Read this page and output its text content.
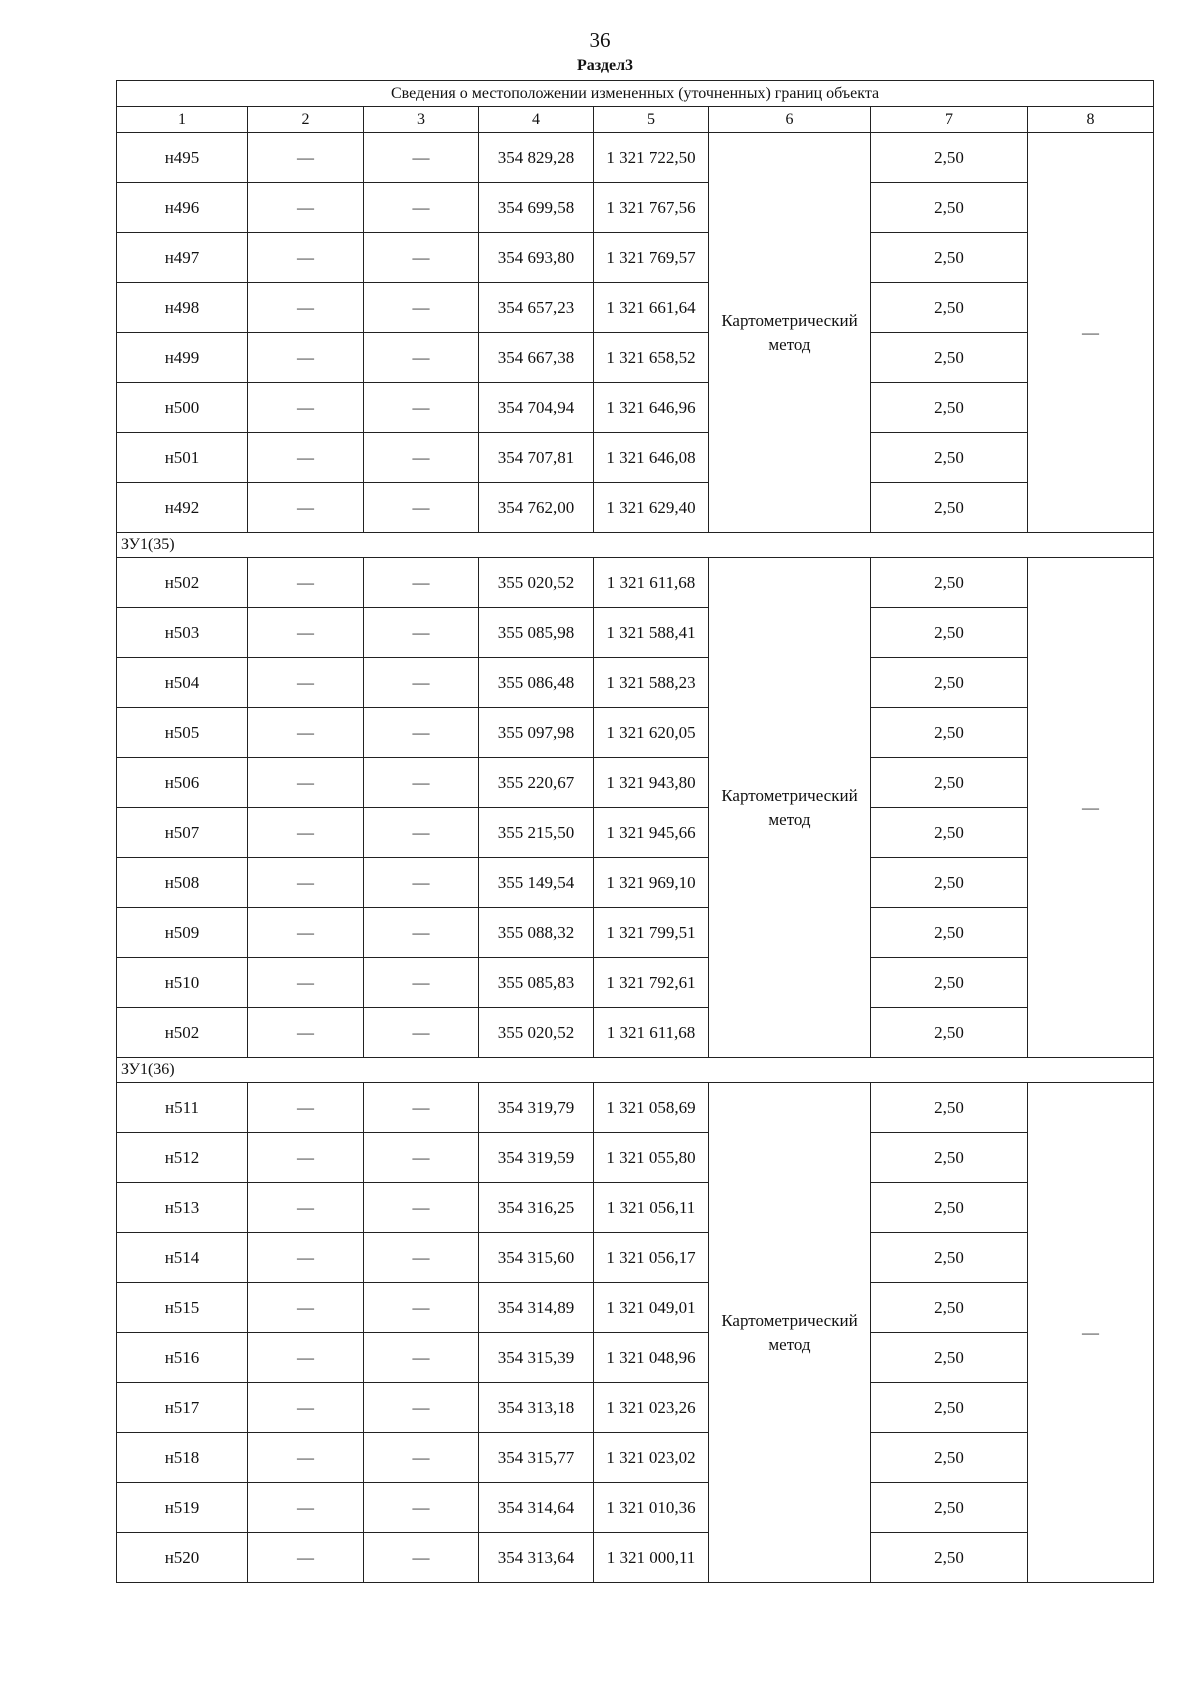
36
Раздел3
Сведения о местоположении измененных (уточненных) границ объекта							
1	2	3	4	5	6	7	8
н495	—	—	354 829,28	1 321 722,50	Картометрический метод	2,50	—
н496	—	—	354 699,58	1 321 767,56		2,50	
н497	—	—	354 693,80	1 321 769,57		2,50	
н498	—	—	354 657,23	1 321 661,64		2,50	
н499	—	—	354 667,38	1 321 658,52		2,50	
н500	—	—	354 704,94	1 321 646,96		2,50	
н501	—	—	354 707,81	1 321 646,08		2,50	
н492	—	—	354 762,00	1 321 629,40		2,50	
ЗУ1(35)							
н502	—	—	355 020,52	1 321 611,68	Картометрический метод	2,50	—
н503	—	—	355 085,98	1 321 588,41		2,50	
н504	—	—	355 086,48	1 321 588,23		2,50	
н505	—	—	355 097,98	1 321 620,05		2,50	
н506	—	—	355 220,67	1 321 943,80		2,50	
н507	—	—	355 215,50	1 321 945,66		2,50	
н508	—	—	355 149,54	1 321 969,10		2,50	
н509	—	—	355 088,32	1 321 799,51		2,50	
н510	—	—	355 085,83	1 321 792,61		2,50	
н502	—	—	355 020,52	1 321 611,68		2,50	
ЗУ1(36)							
н511	—	—	354 319,79	1 321 058,69	Картометрический метод	2,50	—
н512	—	—	354 319,59	1 321 055,80		2,50	
н513	—	—	354 316,25	1 321 056,11		2,50	
н514	—	—	354 315,60	1 321 056,17		2,50	
н515	—	—	354 314,89	1 321 049,01		2,50	
н516	—	—	354 315,39	1 321 048,96		2,50	
н517	—	—	354 313,18	1 321 023,26		2,50	
н518	—	—	354 315,77	1 321 023,02		2,50	
н519	—	—	354 314,64	1 321 010,36		2,50	
н520	—	—	354 313,64	1 321 000,11		2,50	
